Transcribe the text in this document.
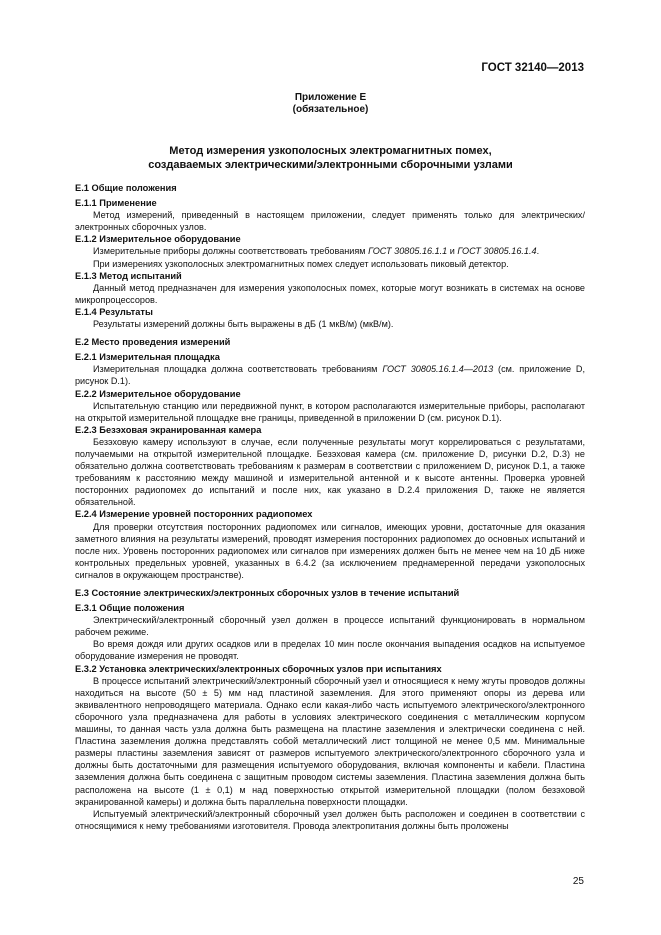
ГОСТ 32140—2013
Приложение Е
(обязательное)
Метод измерения узкополосных электромагнитных помех,
создаваемых электрическими/электронными сборочными узлами
Е.1 Общие положения
Е.1.1 Применение

Метод измерений, приведенный в настоящем приложении, следует применять только для электрических/электронных сборочных узлов.

Е.1.2 Измерительное оборудование

Измерительные приборы должны соответствовать требованиям ГОСТ 30805.16.1.1 и ГОСТ 30805.16.1.4.

При измерениях узкополосных электромагнитных помех следует использовать пиковый детектор.

Е.1.3 Метод испытаний

Данный метод предназначен для измерения узкополосных помех, которые могут возникать в системах на основе микропроцессоров.

Е.1.4 Результаты

Результаты измерений должны быть выражены в дБ (1 мкВ/м) (мкВ/м).

Е.2 Место проведения измерений
Е.2.1 Измерительная площадка

Измерительная площадка должна соответствовать требованиям ГОСТ 30805.16.1.4—2013 (см. приложение D, рисунок D.1).

Е.2.2 Измерительное оборудование

Испытательную станцию или передвижной пункт, в котором располагаются измерительные приборы, располагают на открытой измерительной площадке вне границы, приведенной в приложении D (см. рисунок D.1).

Е.2.3 Безэховая экранированная камера

Безэховую камеру используют в случае, если полученные результаты могут коррелироваться с результатами, получаемыми на открытой измерительной площадке. Безэховая камера (см. приложение D, рисунки D.2, D.3) не обязательно должна соответствовать требованиям к размерам в соответствии с приложением D, рисунок D.1, а также требованиям к расстоянию между машиной и измерительной антенной и к высоте антенны. Проверка уровней посторонних радиопомех до испытаний и после них, как указано в D.2.4 приложения D, также не является обязательной.

Е.2.4 Измерение уровней посторонних радиопомех

Для проверки отсутствия посторонних радиопомех или сигналов, имеющих уровни, достаточные для оказания заметного влияния на результаты измерений, проводят измерения посторонних радиопомех до основных испытаний и после них. Уровень посторонних радиопомех или сигналов при измерениях должен быть не менее чем на 10 дБ ниже контрольных предельных уровней, указанных в 6.4.2 (за исключением преднамеренной передачи узкополосных сигналов в окружающем пространстве).

Е.3 Состояние электрических/электронных сборочных узлов в течение испытаний
Е.3.1 Общие положения

Электрический/электронный сборочный узел должен в процессе испытаний функционировать в нормальном рабочем режиме.

Во время дождя или других осадков или в пределах 10 мин после окончания выпадения осадков на испытуемое оборудование измерения не проводят.

Е.3.2 Установка электрических/электронных сборочных узлов при испытаниях

В процессе испытаний электрический/электронный сборочный узел и относящиеся к нему жгуты проводов должны находиться на высоте (50 ± 5) мм над пластиной заземления. Для этого применяют опоры из дерева или эквивалентного непроводящего материала. Однако если какая-либо часть испытуемого электрического/электронного сборочного узла предназначена для работы в условиях электрического соединения с металлическим корпусом машины, то данная часть узла должна быть размещена на пластине заземления и электрически соединена с ней. Пластина заземления должна представлять собой металлический лист толщиной не менее 0,5 мм. Минимальные размеры пластины заземления зависят от размеров испытуемого электрического/электронного сборочного узла и должны быть достаточными для размещения испытуемого оборудования, включая компоненты и кабели. Пластина заземления должна быть соединена с защитным проводом системы заземления. Пластина заземления должна быть расположена на высоте (1 ± 0,1) м над поверхностью открытой измерительной площадки (полом безэховой экранированной камеры) и должна быть параллельна поверхности площадки.

Испытуемый электрический/электронный сборочный узел должен быть расположен и соединен в соответствии с относящимися к нему требованиями изготовителя. Провода электропитания должны быть проложены

25
